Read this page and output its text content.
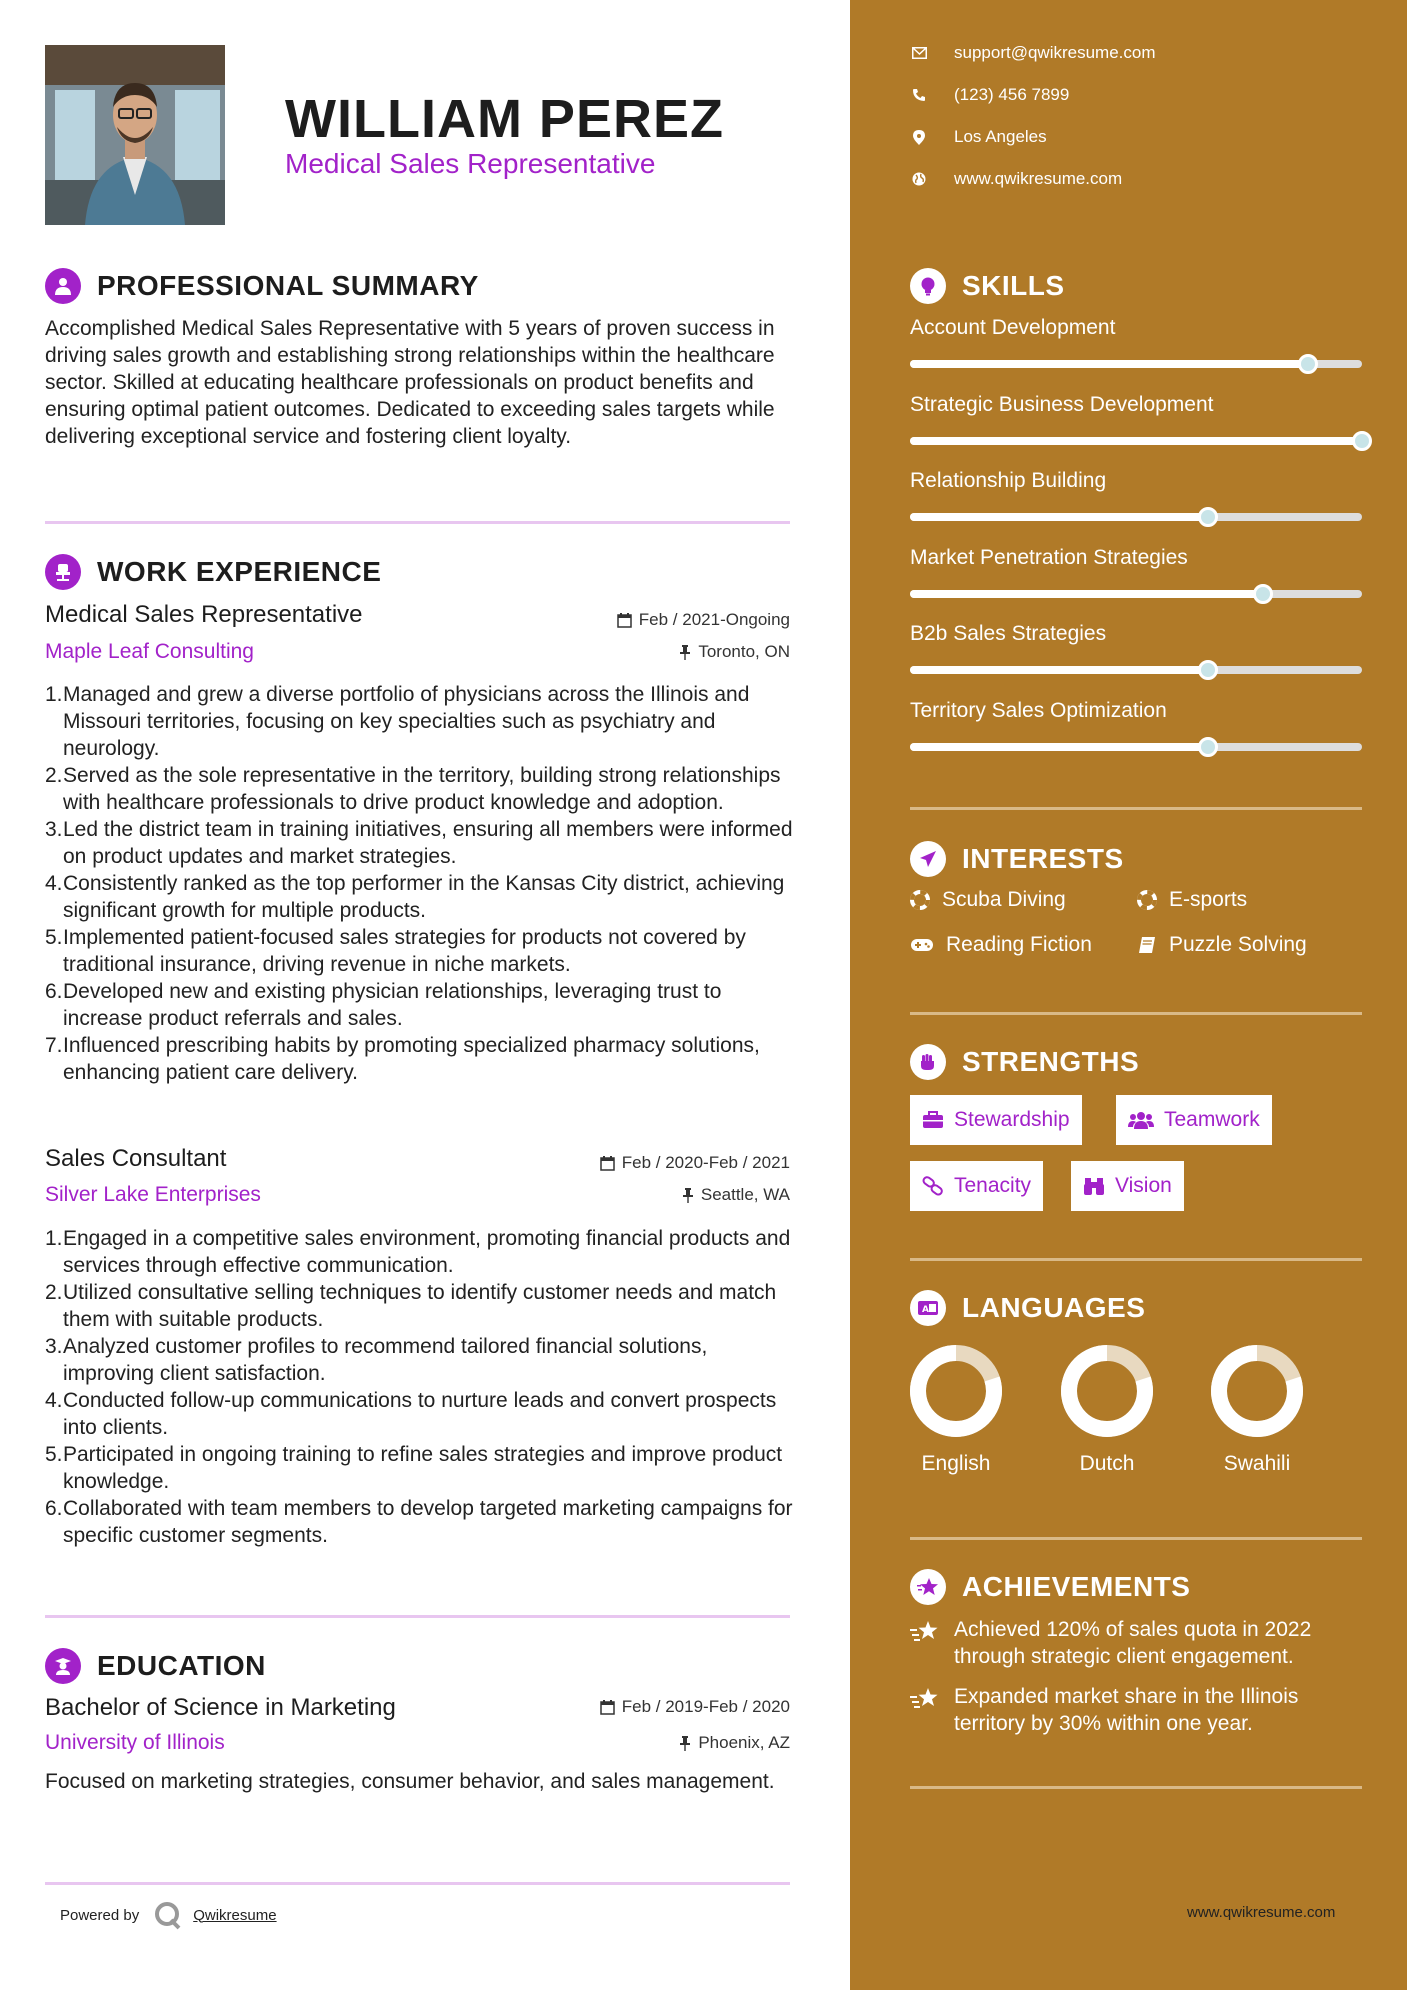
WILLIAM PEREZ
Medical Sales Representative
PROFESSIONAL SUMMARY
Accomplished Medical Sales Representative with 5 years of proven success in driving sales growth and establishing strong relationships within the healthcare sector. Skilled at educating healthcare professionals on product benefits and ensuring optimal patient outcomes. Dedicated to exceeding sales targets while delivering exceptional service and fostering client loyalty.
WORK EXPERIENCE
Medical Sales Representative	Feb / 2021-Ongoing
Maple Leaf Consulting	Toronto, ON
1. Managed and grew a diverse portfolio of physicians across the Illinois and Missouri territories, focusing on key specialties such as psychiatry and neurology.
2. Served as the sole representative in the territory, building strong relationships with healthcare professionals to drive product knowledge and adoption.
3. Led the district team in training initiatives, ensuring all members were informed on product updates and market strategies.
4. Consistently ranked as the top performer in the Kansas City district, achieving significant growth for multiple products.
5. Implemented patient-focused sales strategies for products not covered by traditional insurance, driving revenue in niche markets.
6. Developed new and existing physician relationships, leveraging trust to increase product referrals and sales.
7. Influenced prescribing habits by promoting specialized pharmacy solutions, enhancing patient care delivery.
Sales Consultant	Feb / 2020-Feb / 2021
Silver Lake Enterprises	Seattle, WA
1. Engaged in a competitive sales environment, promoting financial products and services through effective communication.
2. Utilized consultative selling techniques to identify customer needs and match them with suitable products.
3. Analyzed customer profiles to recommend tailored financial solutions, improving client satisfaction.
4. Conducted follow-up communications to nurture leads and convert prospects into clients.
5. Participated in ongoing training to refine sales strategies and improve product knowledge.
6. Collaborated with team members to develop targeted marketing campaigns for specific customer segments.
EDUCATION
Bachelor of Science in Marketing	Feb / 2019-Feb / 2020
University of Illinois	Phoenix, AZ
Focused on marketing strategies, consumer behavior, and sales management.
Powered by	Qwikresume
support@qwikresume.com
(123) 456 7899
Los Angeles
www.qwikresume.com
SKILLS
Account Development
Strategic Business Development
Relationship Building
Market Penetration Strategies
B2b Sales Strategies
Territory Sales Optimization
INTERESTS
Scuba Diving	E-sports
Reading Fiction	Puzzle Solving
STRENGTHS
Stewardship	Teamwork
Tenacity	Vision
A LANGUAGES
English	Dutch	Swahili
ACHIEVEMENTS
Achieved 120% of sales quota in 2022 through strategic client engagement.
Expanded market share in the Illinois territory by 30% within one year.
www.qwikresume.com
